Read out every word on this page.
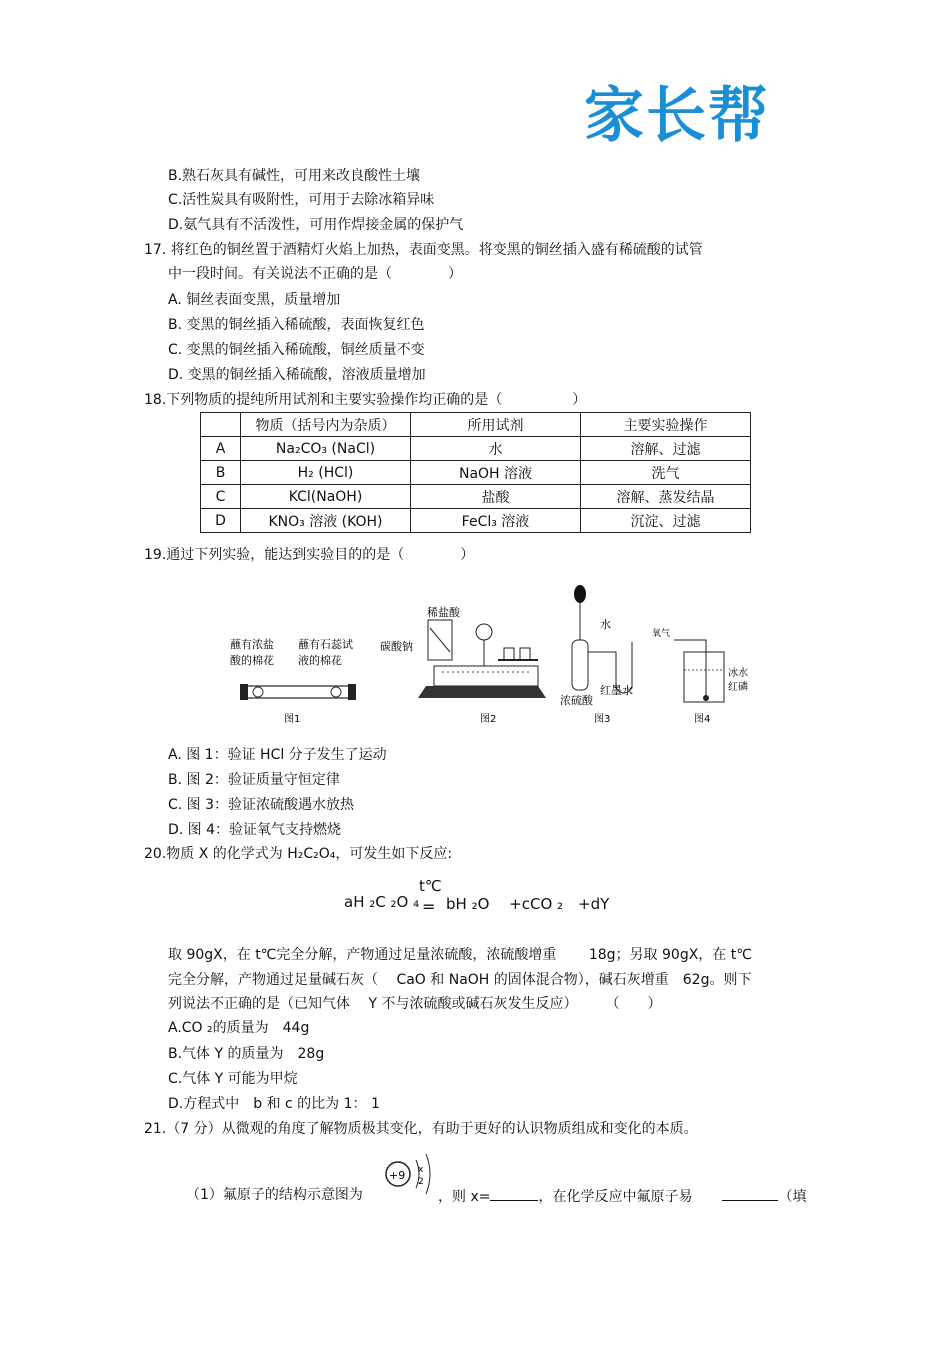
家长帮
B.熟石灰具有碱性，可用来改良酸性土壤
C.活性炭具有吸附性，可用于去除冰箱异味
D.氨气具有不活泼性，可用作焊接金属的保护气
17. 将红色的铜丝置于酒精灯火焰上加热，表面变黑。将变黑的铜丝插入盛有稀硫酸的试管
中一段时间。有关说法不正确的是（　　　　）
A. 铜丝表面变黑，质量增加
B. 变黑的铜丝插入稀硫酸，表面恢复红色
C. 变黑的铜丝插入稀硫酸，铜丝质量不变
D. 变黑的铜丝插入稀硫酸，溶液质量增加
18.下列物质的提纯所用试剂和主要实验操作均正确的是（　　　　　）
	物质（括号内为杂质）	所用试剂	主要实验操作
A	Na₂CO₃ (NaCl)	水	溶解、过滤
B	H₂ (HCl)	NaOH 溶液	洗气
C	KCl(NaOH)	盐酸	溶解、蒸发结晶
D	KNO₃ 溶液 (KOH)	FeCl₃ 溶液	沉淀、过滤
19.通过下列实验，能达到实验目的的是（　　　　）
蘸有浓盐
酸的棉花
蘸有石蕊试
液的棉花
图1
稀盐酸
碳酸钠
图2
水
浓硫酸
红墨水
图3
氧气
冰水
红磷
图4
A. 图 1：验证 HCl 分子发生了运动
B. 图 2：验证质量守恒定律
C. 图 3：验证浓硫酸遇水放热
D. 图 4：验证氧气支持燃烧
20.物质 X 的化学式为 H₂C₂O₄，可发生如下反应:
t℃
aH ₂C ₂O ₄ = bH ₂O　 +cCO ₂　+dY
取 90gX，在 t℃完全分解，产物通过足量浓硫酸，浓硫酸增重　　 18g；另取 90gX，在 t℃
完全分解，产物通过足量碱石灰（　 CaO 和 NaOH 的固体混合物），碱石灰增重　62g。则下
列说法不正确的是（已知气体　 Y 不与浓硫酸或碱石灰发生反应）　　　（　　）
A.CO ₂的质量为　44g
B.气体 Y 的质量为　28g
C.气体 Y 可能为甲烷
D.方程式中　b 和 c 的比为 1： 1
21.（7 分）从微观的角度了解物质极其变化，有助于更好的认识物质组成和变化的本质。
（1）氟原子的结构示意图为
+9 x
2
，则 x=	，在化学反应中氟原子易	（填
